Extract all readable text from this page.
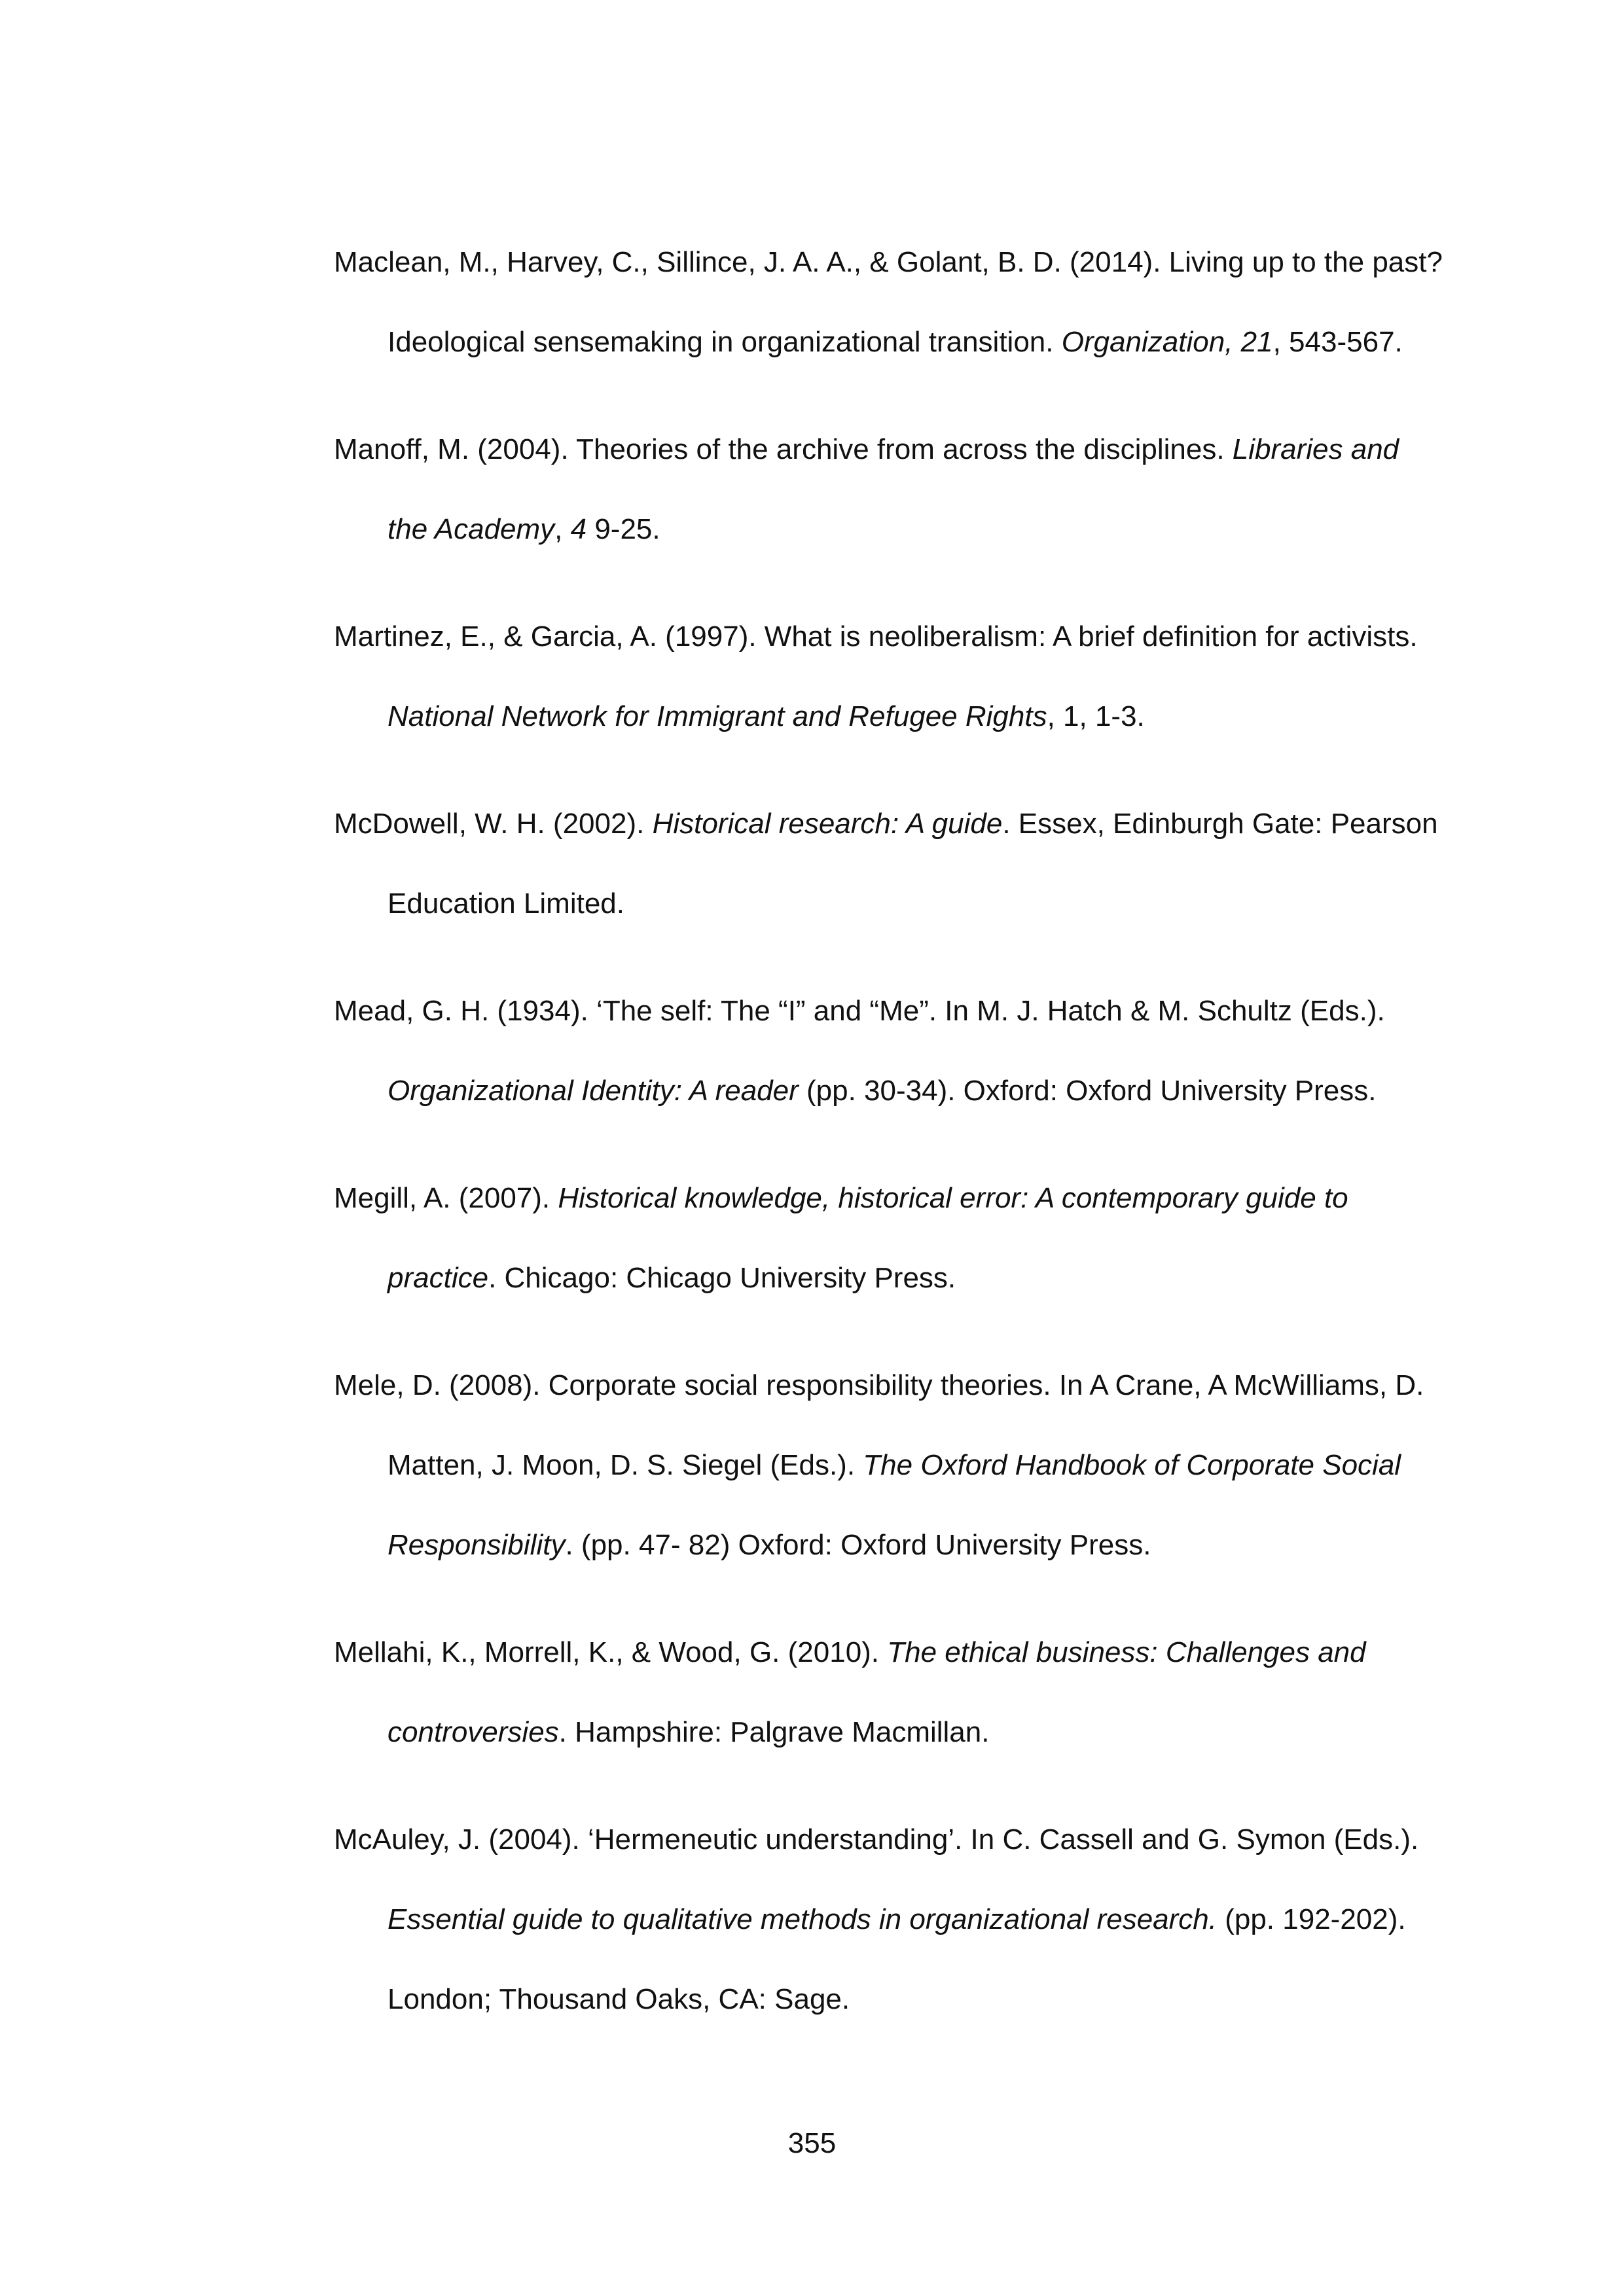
Maclean, M., Harvey, C., Sillince, J. A. A., & Golant, B. D. (2014). Living up to the past? Ideological sensemaking in organizational transition. Organization, 21, 543-567.

Manoff, M. (2004). Theories of the archive from across the disciplines. Libraries and the Academy, 4 9-25.

Martinez, E., & Garcia, A. (1997). What is neoliberalism: A brief definition for activists. National Network for Immigrant and Refugee Rights, 1, 1-3.

McDowell, W. H. (2002). Historical research: A guide. Essex, Edinburgh Gate: Pearson Education Limited.

Mead, G. H. (1934). ‘The self: The “I” and “Me”. In M. J. Hatch & M. Schultz (Eds.). Organizational Identity: A reader (pp. 30-34). Oxford: Oxford University Press.

Megill, A. (2007). Historical knowledge, historical error: A contemporary guide to practice. Chicago: Chicago University Press.

Mele, D. (2008). Corporate social responsibility theories. In A Crane, A McWilliams, D. Matten, J. Moon, D. S. Siegel (Eds.). The Oxford Handbook of Corporate Social Responsibility. (pp. 47- 82) Oxford: Oxford University Press.

Mellahi, K., Morrell, K., & Wood, G. (2010). The ethical business: Challenges and controversies. Hampshire: Palgrave Macmillan.

McAuley, J. (2004). ‘Hermeneutic understanding’. In C. Cassell and G. Symon (Eds.). Essential guide to qualitative methods in organizational research. (pp. 192-202). London; Thousand Oaks, CA: Sage.

355
